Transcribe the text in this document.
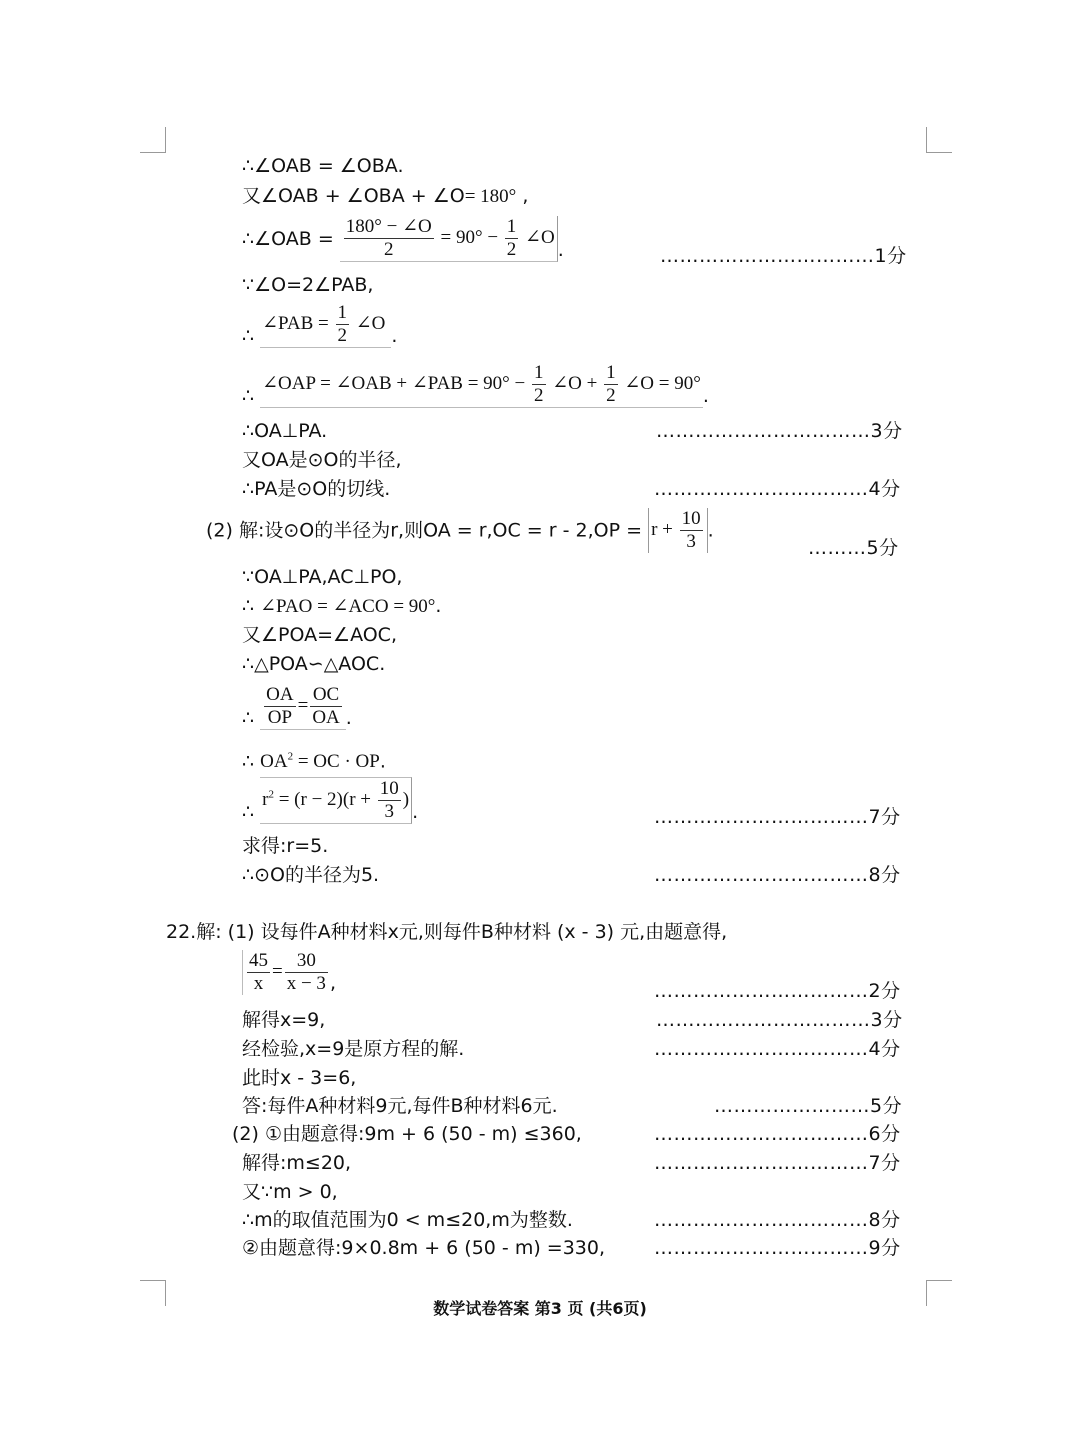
∴∠OAB = ∠OBA.
又∠OAB + ∠OBA + ∠O= 180° ,
∴∠OAB = $\frac{180^\circ - \angle O}{2} = 90^\circ - \frac{1}{2}$ ∠O.	……………………………1分
∵∠O=2∠PAB,
∴ ∠PAB = $\frac{1}{2}$ ∠O.
∴ ∠OAP = ∠OAB + ∠PAB = $90^\circ - \frac{1}{2}$ ∠O + $\frac{1}{2}$ ∠O = 90°.
∴OA⊥PA.	……………………………3分
又OA是⊙O的半径,
∴PA是⊙O的切线.	……………………………4分
(2) 解:设⊙O的半径为r,则OA = $r,OC = r - 2,OP = r + \frac{10}{3}$ .
………5分
∵OA⊥PA,AC⊥PO,
∴ ∠PAO = ∠ACO = 90°.
又∠POA=∠AOC,
∴△POA∽△AOC.
∴ $\frac{OA}{OP} = \frac{OC}{OA}$ .
∴ $OA^2$ = OC · OP.
∴ $r^2 = (r - 2)(r + \frac{10}{3}$ ).	……………………………7分
求得:r=5.
∴⊙O的半径为5.	……………………………8分
22.解: (1) 设每件A种材料x元,则每件B种材料 (x - 3) 元,由题意得,
$\frac{45}{x} = \frac{30}{x - 3}$ ,	……………………………2分
解得x=9,	……………………………3分
经检验,x=9是原方程的解.	……………………………4分
此时x - 3=6,
答:每件A种材料9元,每件B种材料6元.	……………………5分
(2) ①由题意得:9m + 6 (50 - m) ≤360,	……………………………6分
解得:m≤20,	……………………………7分
又∵m > 0,
∴m的取值范围为0 < m≤20,m为整数.	……………………………8分
②由题意得:9×0.8m + 6 (50 - m) =330,	……………………………9分
数学试卷答案 第3 页 (共6页)
